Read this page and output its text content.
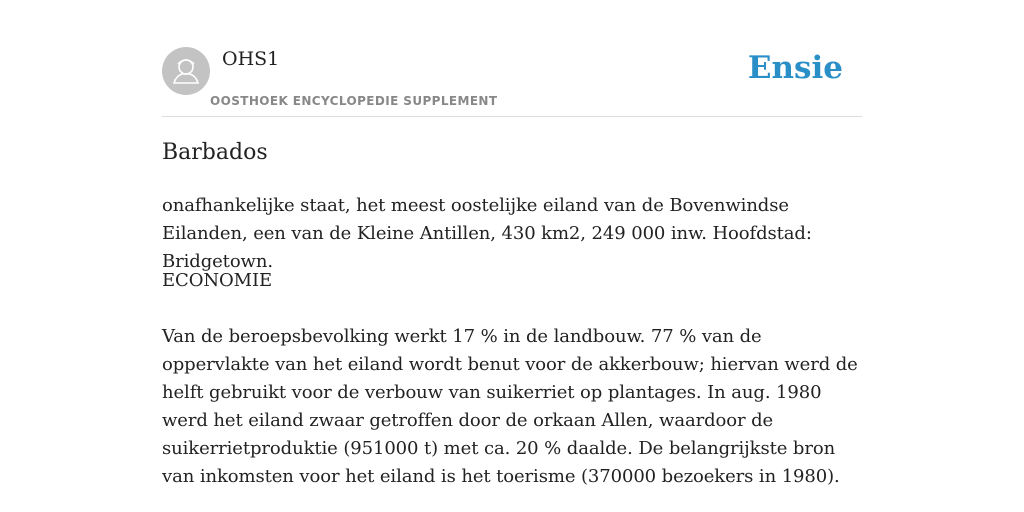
OHS1
OOSTHOEK ENCYCLOPEDIE SUPPLEMENT
Ensie
Barbados

onafhankelijke staat, het meest oostelijke eiland van de Bovenwindse Eilanden, een van de Kleine Antillen, 430 km2, 249 000 inw. Hoofdstad: Bridgetown.

ECONOMIE

Van de beroepsbevolking werkt 17 % in de landbouw. 77 % van de oppervlakte van het eiland wordt benut voor de akkerbouw; hiervan werd de helft gebruikt voor de verbouw van suikerriet op plantages. In aug. 1980 werd het eiland zwaar getroffen door de orkaan Allen, waardoor de suikerrietproduktie (951000 t) met ca. 20 % daalde. De belangrijkste bron van inkomsten voor het eiland is het toerisme (370000 bezoekers in 1980).
